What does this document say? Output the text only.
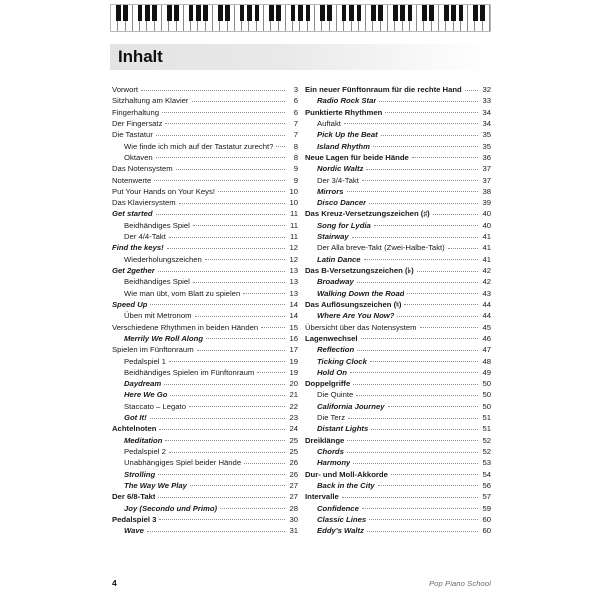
Inhalt
Vorwort	3
Sitzhaltung am Klavier	6
Fingerhaltung	6
Der Fingersatz	7
Die Tastatur	7
Wie finde ich mich auf der Tastatur zurecht?	8
Oktaven	8
Das Notensystem	9
Notenwerte	9
Put Your Hands on Your Keys!	10
Das Klaviersystem	10
Get started	11
Beidhändiges Spiel	11
Der 4/4-Takt	11
Find the keys!	12
Wiederholungszeichen	12
Get 2gether	13
Beidhändiges Spiel	13
Wie man übt, vom Blatt zu spielen	13
Speed Up	14
Üben mit Metronom	14
Verschiedene Rhythmen in beiden Händen	15
Merrily We Roll Along	16
Spielen im Fünftonraum	17
Pedalspiel 1	19
Beidhändiges Spielen im Fünftonraum	19
Daydream	20
Here We Go	21
Staccato – Legato	22
Got It!	23
Achtelnoten	24
Meditation	25
Pedalspiel 2	25
Unabhängiges Spiel beider Hände	26
Strolling	26
The Way We Play	27
Der 6/8-Takt	27
Joy (Secondo und Primo)	28
Pedalspiel 3	30
Wave	31
Ein neuer Fünftonraum für die rechte Hand	32
Radio Rock Star	33
Punktierte Rhythmen	34
Auftakt	34
Pick Up the Beat	35
Island Rhythm	35
Neue Lagen für beide Hände	36
Nordic Waltz	37
Der 3/4-Takt	37
Mirrors	38
Disco Dancer	39
Das Kreuz-Versetzungszeichen (♯)	40
Song for Lydia	40
Stairway	41
Der Alla breve-Takt (Zwei-Halbe-Takt)	41
Latin Dance	41
Das B-Versetzungszeichen (♭)	42
Broadway	42
Walking Down the Road	43
Das Auflösungszeichen (♮)	44
Where Are You Now?	44
Übersicht über das Notensystem	45
Lagenwechsel	46
Reflection	47
Ticking Clock	48
Hold On	49
Doppelgriffe	50
Die Quinte	50
California Journey	50
Die Terz	51
Distant Lights	51
Dreiklänge	52
Chords	52
Harmony	53
Dur- und Moll-Akkorde	54
Back in the City	56
Intervalle	57
Confidence	59
Classic Lines	60
Eddy's Waltz	60
4	Pop Piano School
